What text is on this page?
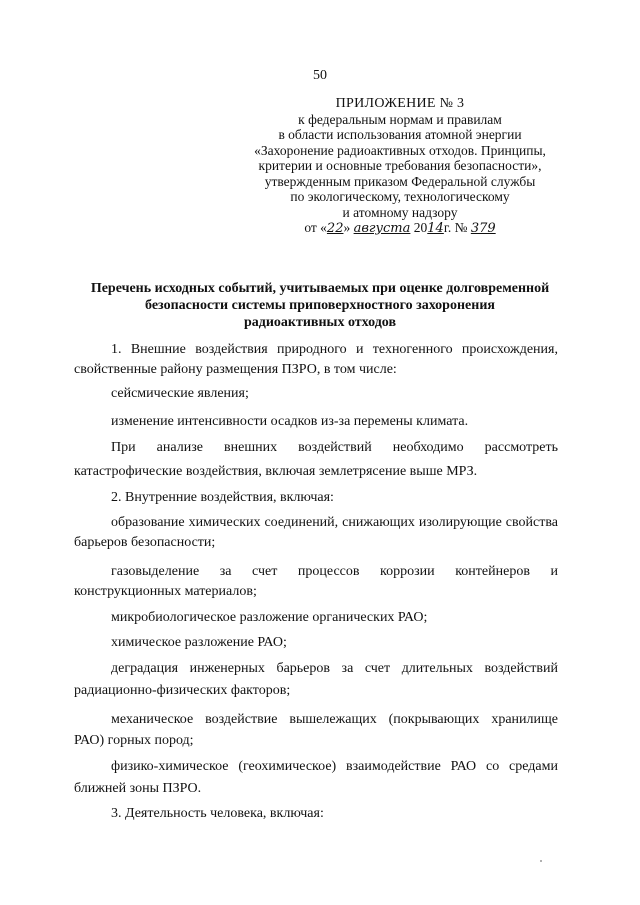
50
ПРИЛОЖЕНИЕ № 3
к федеральным нормам и правилам
в области использования атомной энергии
«Захоронение радиоактивных отходов. Принципы,
критерии и основные требования безопасности»,
утвержденным приказом Федеральной службы
по экологическому, технологическому
и атомному надзору
от «22» августа 2014г. № 379
Перечень исходных событий, учитываемых при оценке долговременной
безопасности системы приповерхностного захоронения
радиоактивных отходов
1. Внешние воздействия природного и техногенного происхождения, свойственные району размещения ПЗРО, в том числе:
сейсмические явления;
изменение интенсивности осадков из-за перемены климата.
При анализе внешних воздействий необходимо рассмотреть
катастрофические воздействия, включая землетрясение выше МРЗ.
2. Внутренние воздействия, включая:
образование химических соединений, снижающих изолирующие свойства
барьеров безопасности;
газовыделение за счет процессов коррозии контейнеров и
конструкционных материалов;
микробиологическое разложение органических РАО;
химическое разложение РАО;
деградация инженерных барьеров за счет длительных воздействий
радиационно-физических факторов;
механическое воздействие вышележащих (покрывающих хранилище
РАО) горных пород;
физико-химическое (геохимическое) взаимодействие РАО со средами
ближней зоны ПЗРО.
3. Деятельность человека, включая:
